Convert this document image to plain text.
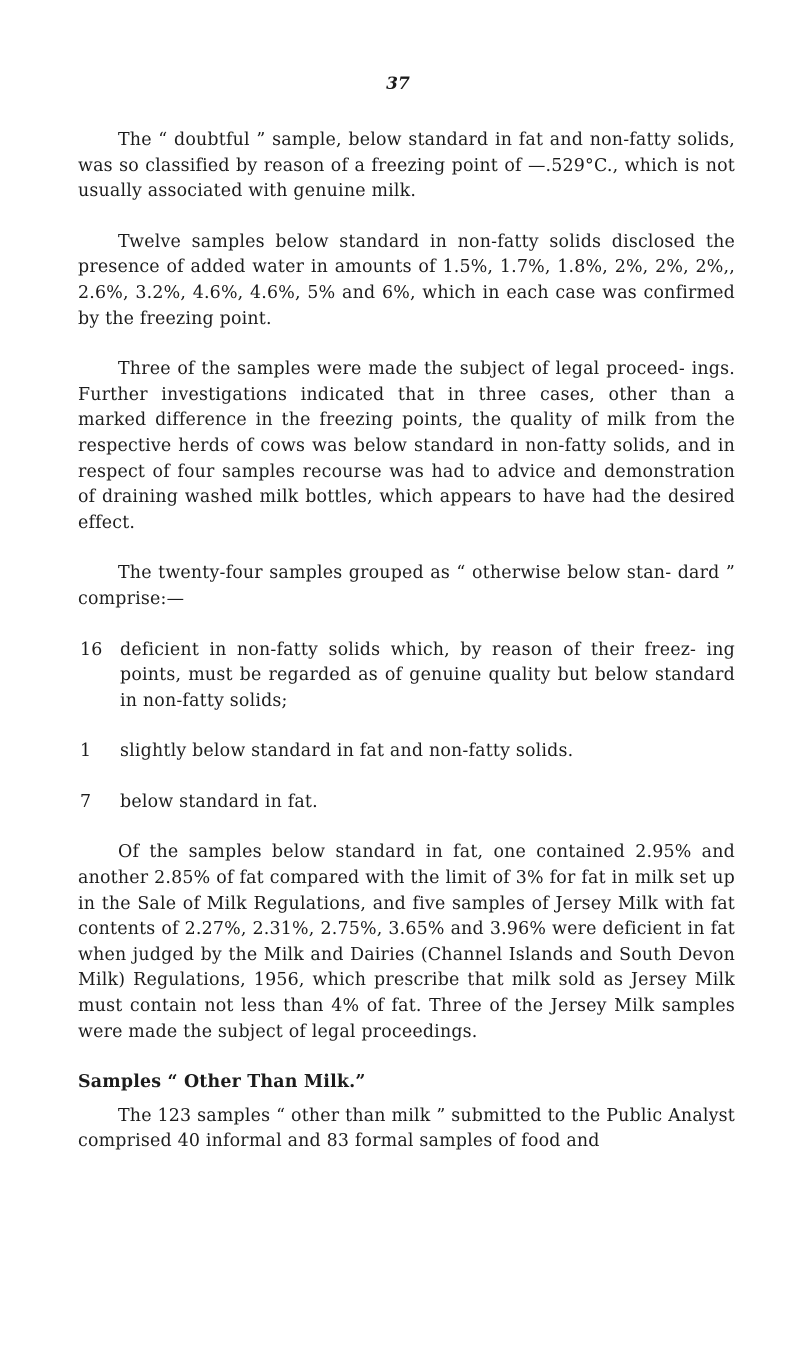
37

The “ doubtful ” sample, below standard in fat and non-fatty solids, was so classified by reason of a freezing point of —.529°C., which is not usually associated with genuine milk.

Twelve samples below standard in non-fatty solids disclosed the presence of added water in amounts of 1.5%, 1.7%, 1.8%, 2%, 2%, 2%,, 2.6%, 3.2%, 4.6%, 4.6%, 5% and 6%, which in each case was confirmed by the freezing point.

Three of the samples were made the subject of legal proceed- ings. Further investigations indicated that in three cases, other than a marked difference in the freezing points, the quality of milk from the respective herds of cows was below standard in non-fatty solids, and in respect of four samples recourse was had to advice and demonstration of draining washed milk bottles, which appears to have had the desired effect.

The twenty-four samples grouped as “ otherwise below stan- dard ” comprise:—

16	deficient in non-fatty solids which, by reason of their freez- ing points, must be regarded as of genuine quality but below standard in non-fatty solids;
1	slightly below standard in fat and non-fatty solids.
7	below standard in fat.

Of the samples below standard in fat, one contained 2.95% and another 2.85% of fat compared with the limit of 3% for fat in milk set up in the Sale of Milk Regulations, and five samples of Jersey Milk with fat contents of 2.27%, 2.31%, 2.75%, 3.65% and 3.96% were deficient in fat when judged by the Milk and Dairies (Channel Islands and South Devon Milk) Regulations, 1956, which prescribe that milk sold as Jersey Milk must contain not less than 4% of fat. Three of the Jersey Milk samples were made the subject of legal proceedings.

Samples “ Other Than Milk.”

The 123 samples “ other than milk ” submitted to the Public Analyst comprised 40 informal and 83 formal samples of food and
